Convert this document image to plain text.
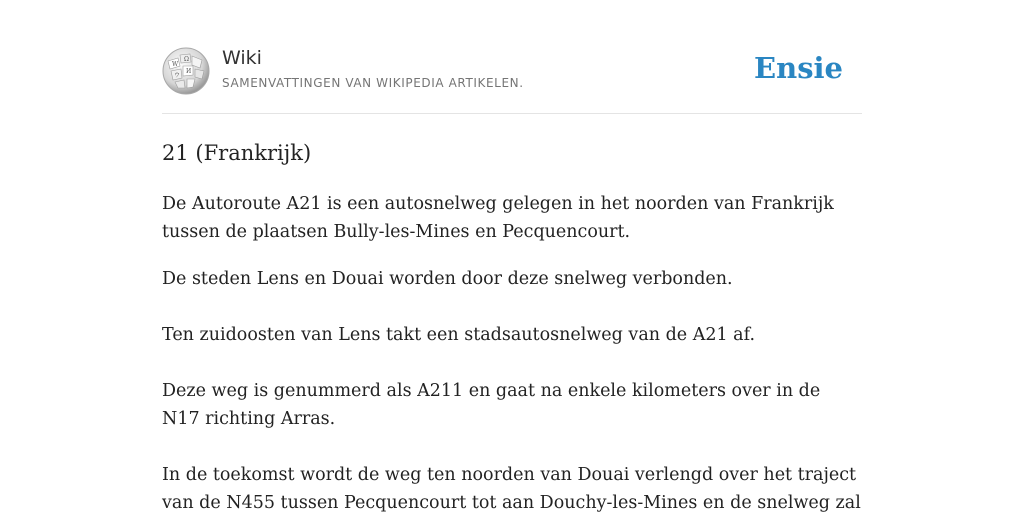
W
Ω
И
ウ
Wiki
SAMENVATTINGEN VAN WIKIPEDIA ARTIKELEN.	Ensie
21 (Frankrijk)

De Autoroute A21 is een autosnelweg gelegen in het noorden van Frankrijk tussen de plaatsen Bully-les-Mines en Pecquencourt.

De steden Lens en Douai worden door deze snelweg verbonden.

Ten zuidoosten van Lens takt een stadsautosnelweg van de A21 af.

Deze weg is genummerd als A211 en gaat na enkele kilometers over in de N17 richting Arras.

In de toekomst wordt de weg ten noorden van Douai verlengd over het traject van de N455 tussen Pecquencourt tot aan Douchy-les-Mines en de snelweg zal
